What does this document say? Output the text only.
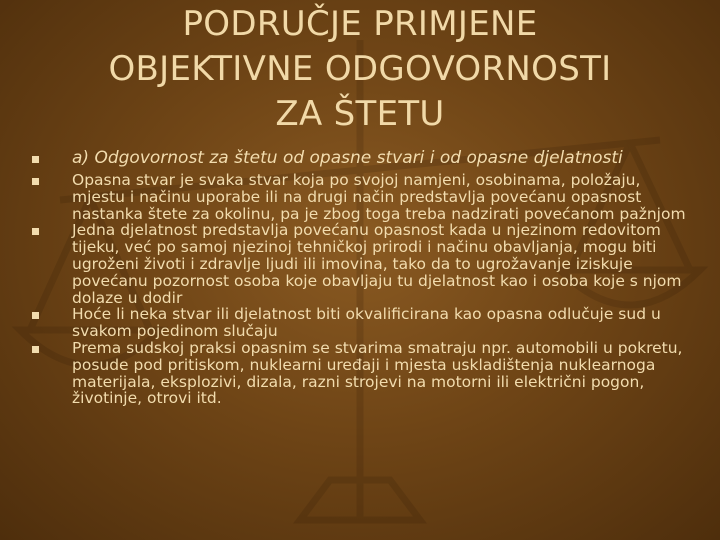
PODRUČJE PRIMJENE
OBJEKTIVNE ODGOVORNOSTI
ZA ŠTETU
a) Odgovornost za štetu od opasne stvari i od opasne djelatnosti
Opasna stvar je svaka stvar koja po svojoj namjeni, osobinama, položaju, mjestu i načinu uporabe ili na drugi način predstavlja povećanu opasnost nastanka štete za okolinu, pa je zbog toga treba nadzirati povećanom pažnjom
Jedna djelatnost predstavlja povećanu opasnost kada u njezinom redovitom tijeku, već po samoj njezinoj tehničkoj prirodi i načinu obavljanja, mogu biti ugroženi životi i zdravlje ljudi ili imovina, tako da to ugrožavanje iziskuje povećanu pozornost osoba koje obavljaju tu djelatnost kao i osoba koje s njom dolaze u dodir
Hoće li neka stvar ili djelatnost biti okvalificirana kao opasna odlučuje sud u svakom pojedinom slučaju
Prema sudskoj praksi opasnim se stvarima smatraju npr. automobili u pokretu, posude pod pritiskom, nuklearni uređaji i mjesta uskladištenja nuklearnoga materijala, eksplozivi, dizala, razni strojevi na motorni ili električni pogon, životinje, otrovi itd.
